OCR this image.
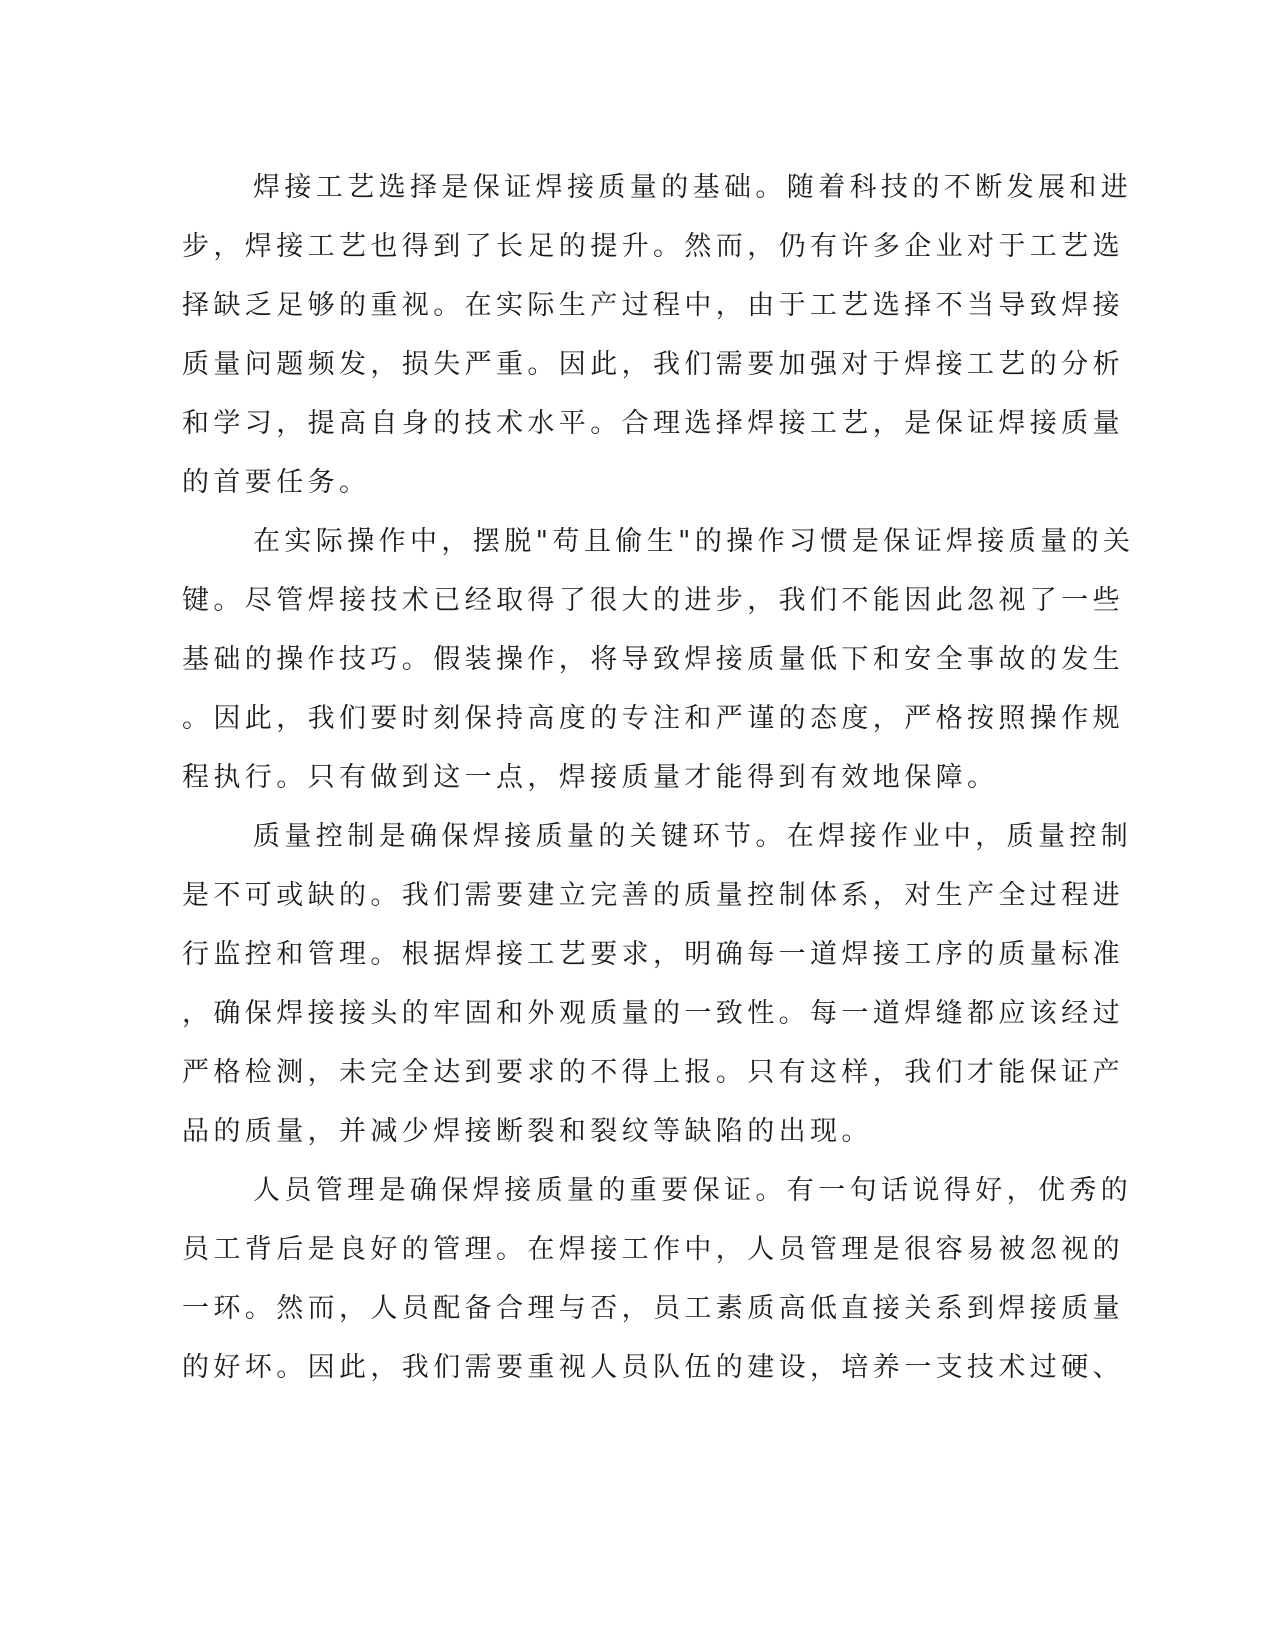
焊接工艺选择是保证焊接质量的基础。随着科技的不断发展和进
步，焊接工艺也得到了长足的提升。然而，仍有许多企业对于工艺选
择缺乏足够的重视。在实际生产过程中，由于工艺选择不当导致焊接
质量问题频发，损失严重。因此，我们需要加强对于焊接工艺的分析
和学习，提高自身的技术水平。合理选择焊接工艺，是保证焊接质量
的首要任务。
在实际操作中，摆脱"苟且偷生"的操作习惯是保证焊接质量的关
键。尽管焊接技术已经取得了很大的进步，我们不能因此忽视了一些
基础的操作技巧。假装操作，将导致焊接质量低下和安全事故的发生
。因此，我们要时刻保持高度的专注和严谨的态度，严格按照操作规
程执行。只有做到这一点，焊接质量才能得到有效地保障。
质量控制是确保焊接质量的关键环节。在焊接作业中，质量控制
是不可或缺的。我们需要建立完善的质量控制体系，对生产全过程进
行监控和管理。根据焊接工艺要求，明确每一道焊接工序的质量标准
，确保焊接接头的牢固和外观质量的一致性。每一道焊缝都应该经过
严格检测，未完全达到要求的不得上报。只有这样，我们才能保证产
品的质量，并减少焊接断裂和裂纹等缺陷的出现。
人员管理是确保焊接质量的重要保证。有一句话说得好，优秀的
员工背后是良好的管理。在焊接工作中，人员管理是很容易被忽视的
一环。然而，人员配备合理与否，员工素质高低直接关系到焊接质量
的好坏。因此，我们需要重视人员队伍的建设，培养一支技术过硬、
